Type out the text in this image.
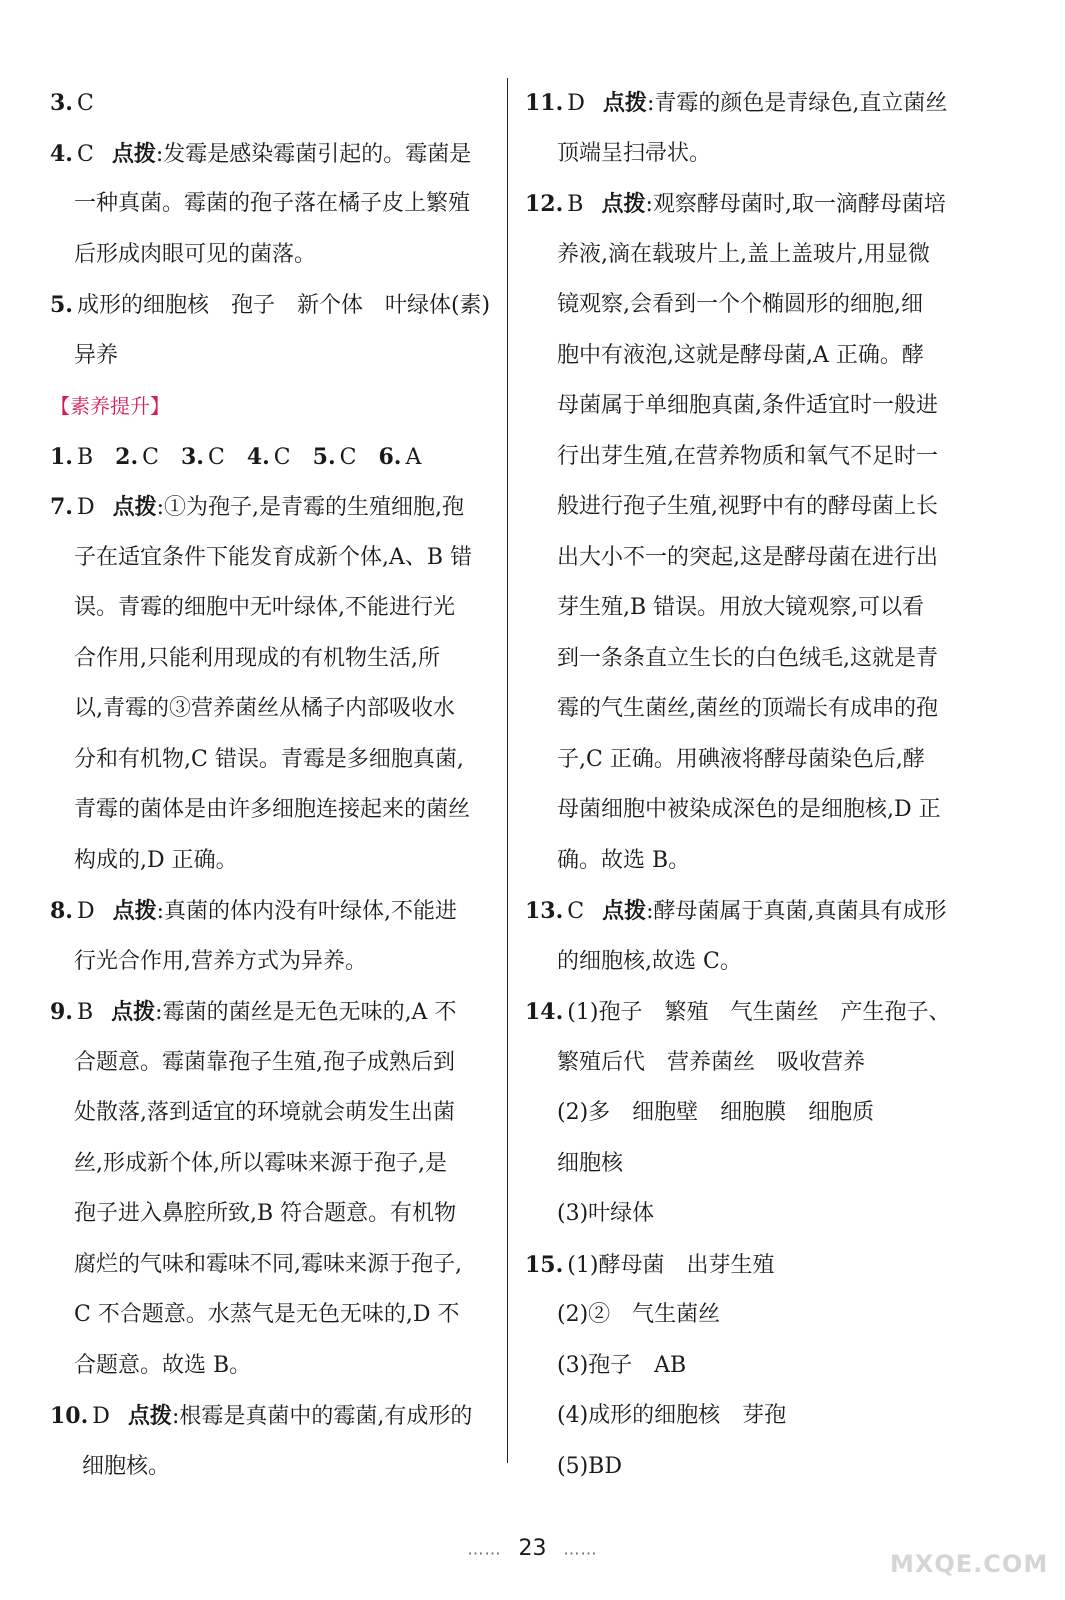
3. C
4. C 点拨:发霉是感染霉菌引起的。霉菌是
一种真菌。霉菌的孢子落在橘子皮上繁殖
后形成肉眼可见的菌落。
5. 成形的细胞核　孢子　新个体　叶绿体(素)
异养
【素养提升】
1. B　 2. C　 3. C　 4. C　 5. C　 6. A
7. D 点拨:①为孢子,是青霉的生殖细胞,孢
子在适宜条件下能发育成新个体,A、B 错
误。青霉的细胞中无叶绿体,不能进行光
合作用,只能利用现成的有机物生活,所
以,青霉的③营养菌丝从橘子内部吸收水
分和有机物,C 错误。青霉是多细胞真菌,
青霉的菌体是由许多细胞连接起来的菌丝
构成的,D 正确。
8. D 点拨:真菌的体内没有叶绿体,不能进
行光合作用,营养方式为异养。
9. B 点拨:霉菌的菌丝是无色无味的,A 不
合题意。霉菌靠孢子生殖,孢子成熟后到
处散落,落到适宜的环境就会萌发生出菌
丝,形成新个体,所以霉味来源于孢子,是
孢子进入鼻腔所致,B 符合题意。有机物
腐烂的气味和霉味不同,霉味来源于孢子,
C 不合题意。水蒸气是无色无味的,D 不
合题意。故选 B。
10. D 点拨:根霉是真菌中的霉菌,有成形的
细胞核。
11. D 点拨:青霉的颜色是青绿色,直立菌丝
顶端呈扫帚状。
12. B 点拨:观察酵母菌时,取一滴酵母菌培
养液,滴在载玻片上,盖上盖玻片,用显微
镜观察,会看到一个个椭圆形的细胞,细
胞中有液泡,这就是酵母菌,A 正确。酵
母菌属于单细胞真菌,条件适宜时一般进
行出芽生殖,在营养物质和氧气不足时一
般进行孢子生殖,视野中有的酵母菌上长
出大小不一的突起,这是酵母菌在进行出
芽生殖,B 错误。用放大镜观察,可以看
到一条条直立生长的白色绒毛,这就是青
霉的气生菌丝,菌丝的顶端长有成串的孢
子,C 正确。用碘液将酵母菌染色后,酵
母菌细胞中被染成深色的是细胞核,D 正
确。故选 B。
13. C 点拨:酵母菌属于真菌,真菌具有成形
的细胞核,故选 C。
14. (1)孢子　繁殖　气生菌丝　产生孢子、
繁殖后代　营养菌丝　吸收营养
(2)多　细胞壁　细胞膜　细胞质
细胞核
(3)叶绿体
15. (1)酵母菌　出芽生殖
(2)②　气生菌丝
(3)孢子　AB
(4)成形的细胞核　芽孢
(5)BD
…… 23 ……
MXQE.COM
